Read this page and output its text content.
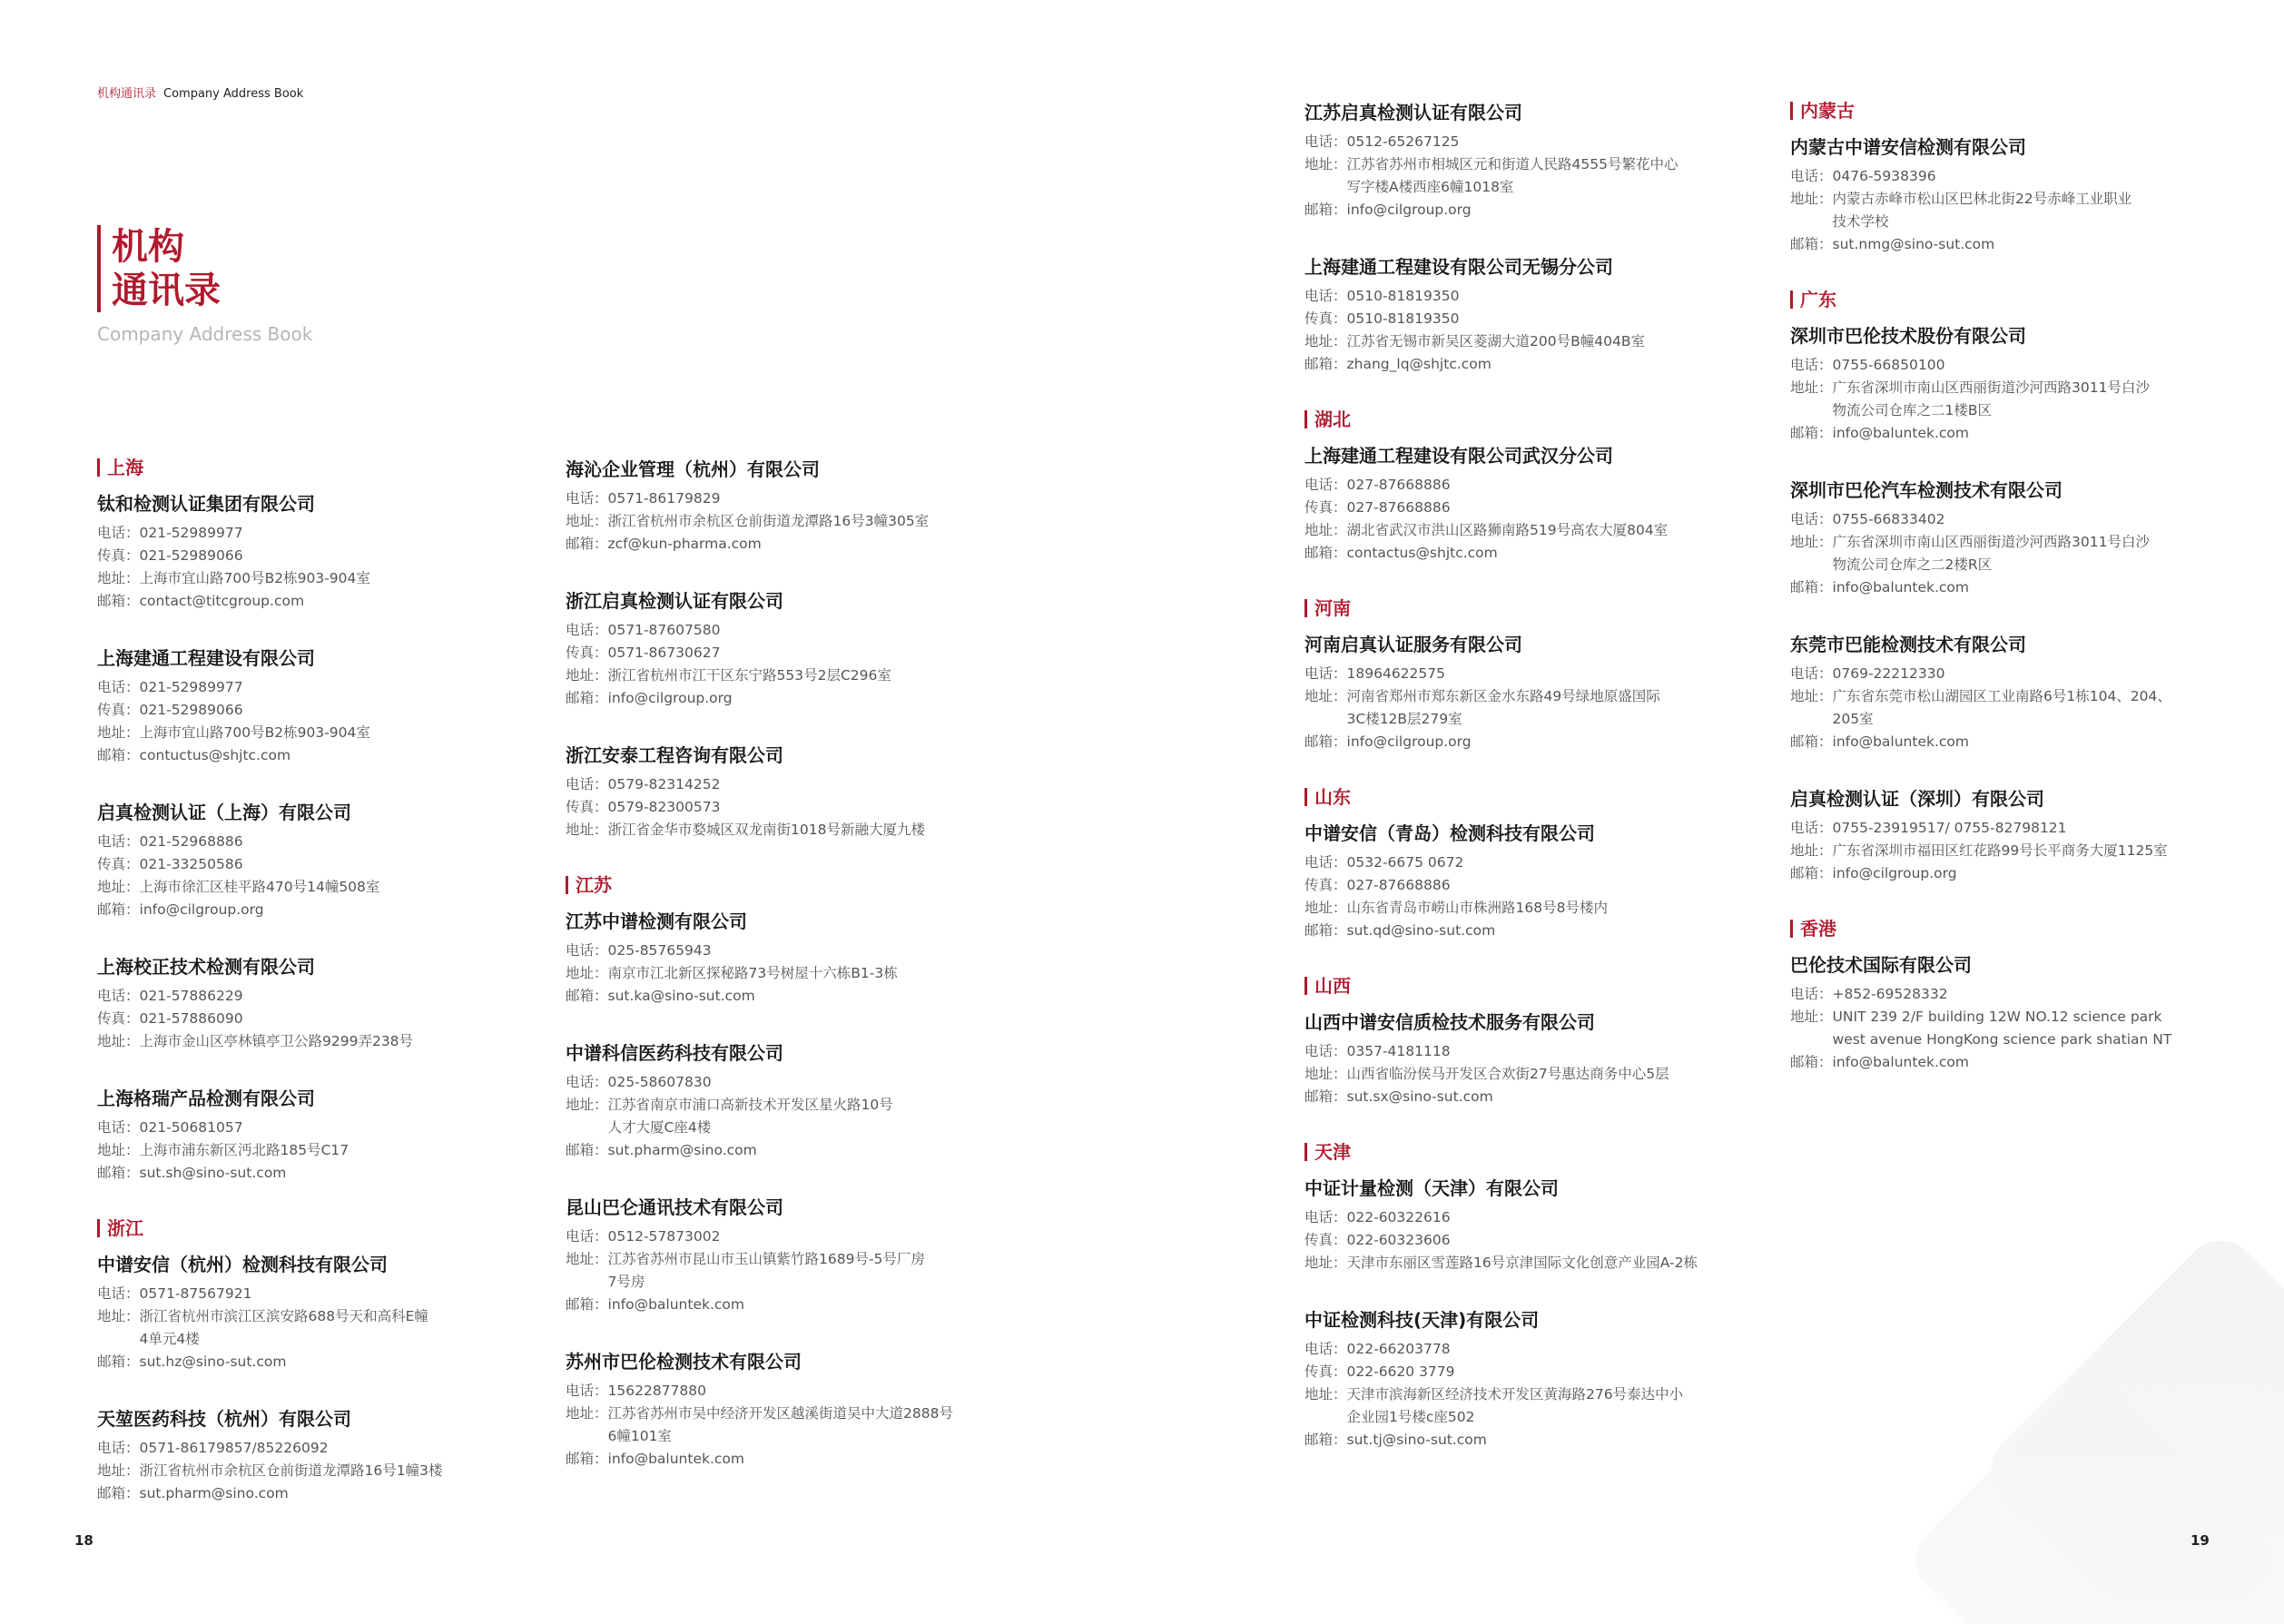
机构通讯录 Company Address Book
机构
通讯录
Company Address Book
上海
钛和检测认证集团有限公司
电话：021-52989977
传真：021-52989066
地址： 上海市宜山路700号B2栋903-904室
邮箱：contact@titcgroup.com
上海建通工程建设有限公司
电话：021-52989977
传真：021-52989066
地址： 上海市宜山路700号B2栋903-904室
邮箱：contuctus@shjtc.com
启真检测认证（上海）有限公司
电话：021-52968886
传真：021-33250586
地址： 上海市徐汇区桂平路470号14幢508室
邮箱：info@cilgroup.org
上海校正技术检测有限公司
电话：021-57886229
传真：021-57886090
地址： 上海市金山区亭林镇亭卫公路9299弄238号
上海格瑞产品检测有限公司
电话：021-50681057
地址： 上海市浦东新区沔北路185号C17
邮箱：sut.sh@sino-sut.com
浙江
中谱安信（杭州）检测科技有限公司
电话：0571-87567921
地址： 浙江省杭州市滨江区滨安路688号天和高科E幢
4单元4楼
邮箱：sut.hz@sino-sut.com
天堃医药科技（杭州）有限公司
电话：0571-86179857/85226092
地址： 浙江省杭州市余杭区仓前街道龙潭路16号1幢3楼
邮箱：sut.pharm@sino.com
海沁企业管理（杭州）有限公司
电话：0571-86179829
地址： 浙江省杭州市余杭区仓前街道龙潭路16号3幢305室
邮箱：zcf@kun-pharma.com
浙江启真检测认证有限公司
电话：0571-87607580
传真：0571-86730627
地址： 浙江省杭州市江干区东宁路553号2层C296室
邮箱：info@cilgroup.org
浙江安泰工程咨询有限公司
电话：0579-82314252
传真：0579-82300573
地址： 浙江省金华市婺城区双龙南街1018号新融大厦九楼
江苏
江苏中谱检测有限公司
电话：025-85765943
地址： 南京市江北新区探秘路73号树屋十六栋B1-3栋
邮箱：sut.ka@sino-sut.com
中谱科信医药科技有限公司
电话：025-58607830
地址： 江苏省南京市浦口高新技术开发区星火路10号
人才大厦C座4楼
邮箱：sut.pharm@sino.com
昆山巴仑通讯技术有限公司
电话：0512-57873002
地址： 江苏省苏州市昆山市玉山镇紫竹路1689号-5号厂房
7号房
邮箱：info@baluntek.com
苏州市巴伦检测技术有限公司
电话：15622877880
地址： 江苏省苏州市吴中经济开发区越溪街道吴中大道2888号
6幢101室
邮箱：info@baluntek.com
江苏启真检测认证有限公司
电话：0512-65267125
地址： 江苏省苏州市相城区元和街道人民路4555号繁花中心
写字楼A楼西座6幢1018室
邮箱：info@cilgroup.org
上海建通工程建设有限公司无锡分公司
电话：0510-81819350
传真：0510-81819350
地址： 江苏省无锡市新吴区菱湖大道200号B幢404B室
邮箱：zhang_lq@shjtc.com
湖北
上海建通工程建设有限公司武汉分公司
电话：027-87668886
传真：027-87668886
地址： 湖北省武汉市洪山区路狮南路519号高农大厦804室
邮箱：contactus@shjtc.com
河南
河南启真认证服务有限公司
电话：18964622575
地址： 河南省郑州市郑东新区金水东路49号绿地原盛国际
3C楼12B层279室
邮箱：info@cilgroup.org
山东
中谱安信（青岛）检测科技有限公司
电话：0532-6675 0672
传真：027-87668886
地址： 山东省青岛市崂山市株洲路168号8号楼内
邮箱：sut.qd@sino-sut.com
山西
山西中谱安信质检技术服务有限公司
电话：0357-4181118
地址： 山西省临汾侯马开发区合欢街27号惠达商务中心5层
邮箱：sut.sx@sino-sut.com
天津
中证计量检测（天津）有限公司
电话：022-60322616
传真：022-60323606
地址： 天津市东丽区雪莲路16号京津国际文化创意产业园A-2栋
中证检测科技(天津)有限公司
电话：022-66203778
传真：022-6620 3779
地址： 天津市滨海新区经济技术开发区黄海路276号泰达中小
企业园1号楼c座502
邮箱：sut.tj@sino-sut.com
内蒙古
内蒙古中谱安信检测有限公司
电话：0476-5938396
地址： 内蒙古赤峰市松山区巴林北街22号赤峰工业职业
技术学校
邮箱：sut.nmg@sino-sut.com
广东
深圳市巴伦技术股份有限公司
电话：0755-66850100
地址： 广东省深圳市南山区西丽街道沙河西路3011号白沙
物流公司仓库之二1楼B区
邮箱：info@baluntek.com
深圳市巴伦汽车检测技术有限公司
电话：0755-66833402
地址： 广东省深圳市南山区西丽街道沙河西路3011号白沙
物流公司仓库之二2楼R区
邮箱：info@baluntek.com
东莞市巴能检测技术有限公司
电话：0769-22212330
地址： 广东省东莞市松山湖园区工业南路6号1栋104、204、
205室
邮箱：info@baluntek.com
启真检测认证（深圳）有限公司
电话：0755-23919517/ 0755-82798121
地址： 广东省深圳市福田区红花路99号长平商务大厦1125室
邮箱：info@cilgroup.org
香港
巴伦技术国际有限公司
电话：+852-69528332
地址： UNIT 239 2/F building 12W NO.12 science park
west avenue HongKong science park shatian NT
邮箱：info@baluntek.com
18	19
